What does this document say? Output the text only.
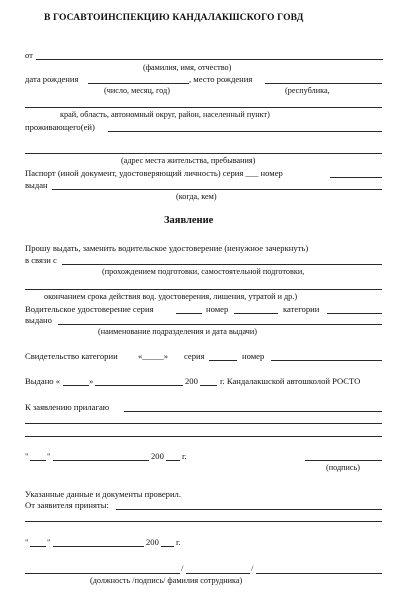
В ГОСАВТОИНСПЕКЦИЮ КАНДАЛАКШСКОГО ГОВД
от
(фамилия, имя, отчество)
дата рождения	, место рождения
(число, месяц, год)	(республика,
край, область, автономный округ, район, населенный пункт)
проживающего(ей)
(адрес места жительства, пребывания)
Паспорт (иной документ, удостоверяющий личность) серия ___ номер
выдан
(когда, кем)
Заявление
Прошу выдать, заменить водительское удостоверение (ненужное зачеркнуть)
в связи с
(прохождением подготовки, самостоятельной подготовки,
окончанием срока действия вод. удостоверения, лишения, утратой и др.)
Водительское удостоверение серия	номер	категории
выдано
(наименование подразделения и дата выдачи)
Свидетельство категории «_____» серия	номер
Выдано «	»	200	г. Кандалакшской автошколой РОСТО
К заявлению прилагаю
" "	200 г.
(подпись)
Указанные данные и документы проверил.
От заявителя приняты:
" "	200 г.
/	/
(должность /подпись/ фамилия сотрудника)
